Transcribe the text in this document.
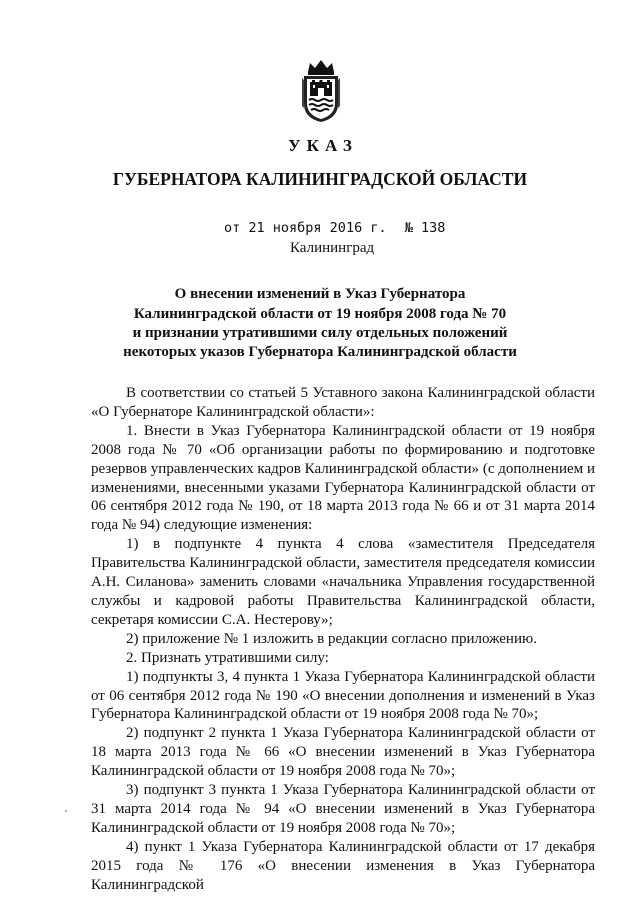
УКАЗ
ГУБЕРНАТОРА КАЛИНИНГРАДСКОЙ ОБЛАСТИ
от 21 ноября 2016 г. № 138
Калининград
О внесении изменений в Указ Губернатора
Калининградской области от 19 ноября 2008 года № 70
и признании утратившими силу отдельных положений
некоторых указов Губернатора Калининградской области

В соответствии со статьей 5 Уставного закона Калининградской области «О Губернаторе Калининградской области»:

1. Внести в Указ Губернатора Калининградской области от 19 ноября 2008 года № 70 «Об организации работы по формированию и подготовке резервов управленческих кадров Калининградской области» (с дополнением и изменениями, внесенными указами Губернатора Калининградской области от 06 сентября 2012 года № 190, от 18 марта 2013 года № 66 и от 31 марта 2014 года № 94) следующие изменения:

1) в подпункте 4 пункта 4 слова «заместителя Председателя Правительства Калининградской области, заместителя председателя комиссии А.Н. Силанова» заменить словами «начальника Управления государственной службы и кадровой работы Правительства Калининградской области, секретаря комиссии С.А. Нестерову»;

2) приложение № 1 изложить в редакции согласно приложению.

2. Признать утратившими силу:

1) подпункты 3, 4 пункта 1 Указа Губернатора Калининградской области от 06 сентября 2012 года № 190 «О внесении дополнения и изменений в Указ Губернатора Калининградской области от 19 ноября 2008 года № 70»;

2) подпункт 2 пункта 1 Указа Губернатора Калининградской области от 18 марта 2013 года № 66 «О внесении изменений в Указ Губернатора Калининградской области от 19 ноября 2008 года № 70»;

3) подпункт 3 пункта 1 Указа Губернатора Калининградской области от 31 марта 2014 года № 94 «О внесении изменений в Указ Губернатора Калининградской области от 19 ноября 2008 года № 70»;

4) пункт 1 Указа Губернатора Калининградской области от 17 декабря 2015 года № 176 «О внесении изменения в Указ Губернатора Калининградской
